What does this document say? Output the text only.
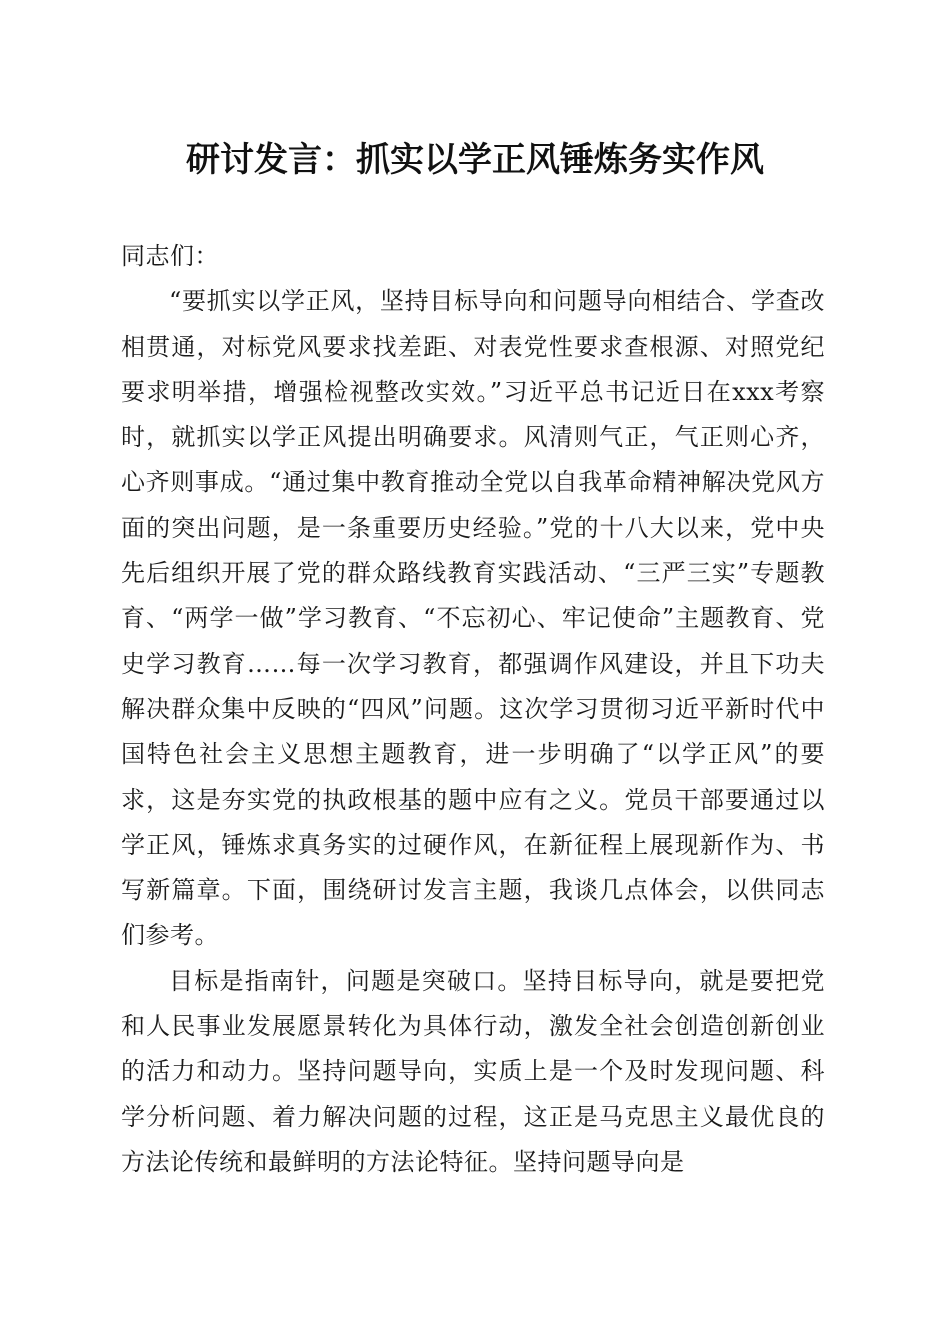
研讨发言：抓实以学正风锤炼务实作风

同志们：

“要抓实以学正风，坚持目标导向和问题导向相结合、学查改相贯通，对标党风要求找差距、对表党性要求查根源、对照党纪要求明举措，增强检视整改实效。”习近平总书记近日在xxx考察时，就抓实以学正风提出明确要求。风清则气正，气正则心齐，心齐则事成。“通过集中教育推动全党以自我革命精神解决党风方面的突出问题，是一条重要历史经验。”党的十八大以来，党中央先后组织开展了党的群众路线教育实践活动、“三严三实”专题教育、“两学一做”学习教育、“不忘初心、牢记使命”主题教育、党史学习教育……每一次学习教育，都强调作风建设，并且下功夫解决群众集中反映的“四风”问题。这次学习贯彻习近平新时代中国特色社会主义思想主题教育，进一步明确了“以学正风”的要求，这是夯实党的执政根基的题中应有之义。党员干部要通过以学正风，锤炼求真务实的过硬作风，在新征程上展现新作为、书写新篇章。下面，围绕研讨发言主题，我谈几点体会，以供同志们参考。

目标是指南针，问题是突破口。坚持目标导向，就是要把党和人民事业发展愿景转化为具体行动，激发全社会创造创新创业的活力和动力。坚持问题导向，实质上是一个及时发现问题、科学分析问题、着力解决问题的过程，这正是马克思主义最优良的方法论传统和最鲜明的方法论特征。坚持问题导向是
